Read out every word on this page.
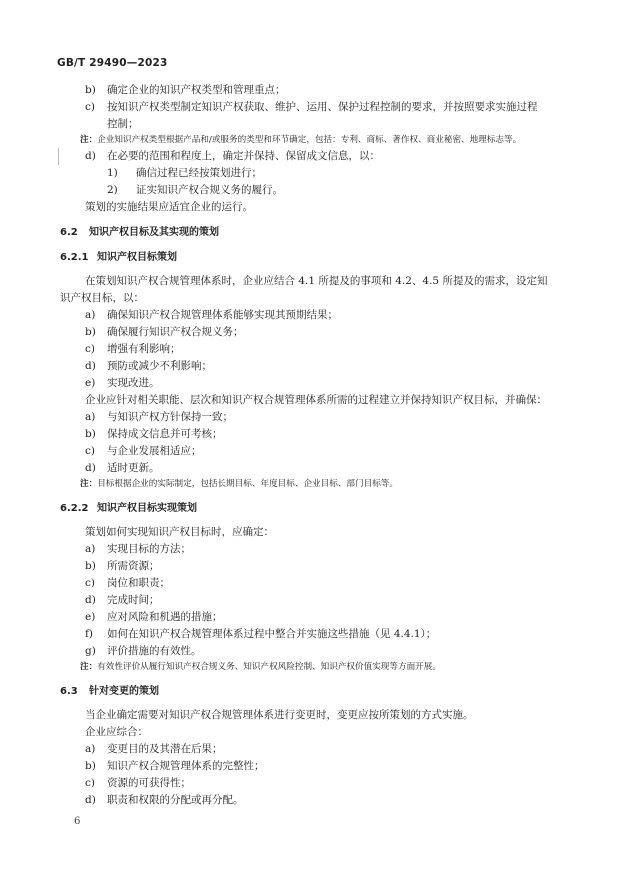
GB/T 29490—2023
b) 确定企业的知识产权类型和管理重点；
c) 按知识产权类型制定知识产权获取、维护、运用、保护过程控制的要求，并按照要求实施过程
控制；
注：企业知识产权类型根据产品和/或服务的类型和环节确定，包括：专利、商标、著作权、商业秘密、地理标志等。
d) 在必要的范围和程度上，确定并保持、保留成文信息，以：
1) 确信过程已经按策划进行；
2) 证实知识产权合规义务的履行。
策划的实施结果应适宜企业的运行。
6.2 知识产权目标及其实现的策划
6.2.1 知识产权目标策划
在策划知识产权合规管理体系时，企业应结合 4.1 所提及的事项和 4.2、4.5 所提及的需求，设定知
识产权目标，以：
a) 确保知识产权合规管理体系能够实现其预期结果；
b) 确保履行知识产权合规义务；
c) 增强有利影响；
d) 预防或减少不利影响；
e) 实现改进。
企业应针对相关职能、层次和知识产权合规管理体系所需的过程建立并保持知识产权目标，并确保：
a) 与知识产权方针保持一致；
b) 保持成文信息并可考核；
c) 与企业发展相适应；
d) 适时更新。
注：目标根据企业的实际制定，包括长期目标、年度目标、企业目标、部门目标等。
6.2.2 知识产权目标实现策划
策划如何实现知识产权目标时，应确定：
a) 实现目标的方法；
b) 所需资源；
c) 岗位和职责；
d) 完成时间；
e) 应对风险和机遇的措施；
f) 如何在知识产权合规管理体系过程中整合并实施这些措施（见 4.4.1）；
g) 评价措施的有效性。
注：有效性评价从履行知识产权合规义务、知识产权风险控制、知识产权价值实现等方面开展。
6.3 针对变更的策划
当企业确定需要对知识产权合规管理体系进行变更时，变更应按所策划的方式实施。
企业应综合：
a) 变更目的及其潜在后果；
b) 知识产权合规管理体系的完整性；
c) 资源的可获得性；
d) 职责和权限的分配或再分配。
6
